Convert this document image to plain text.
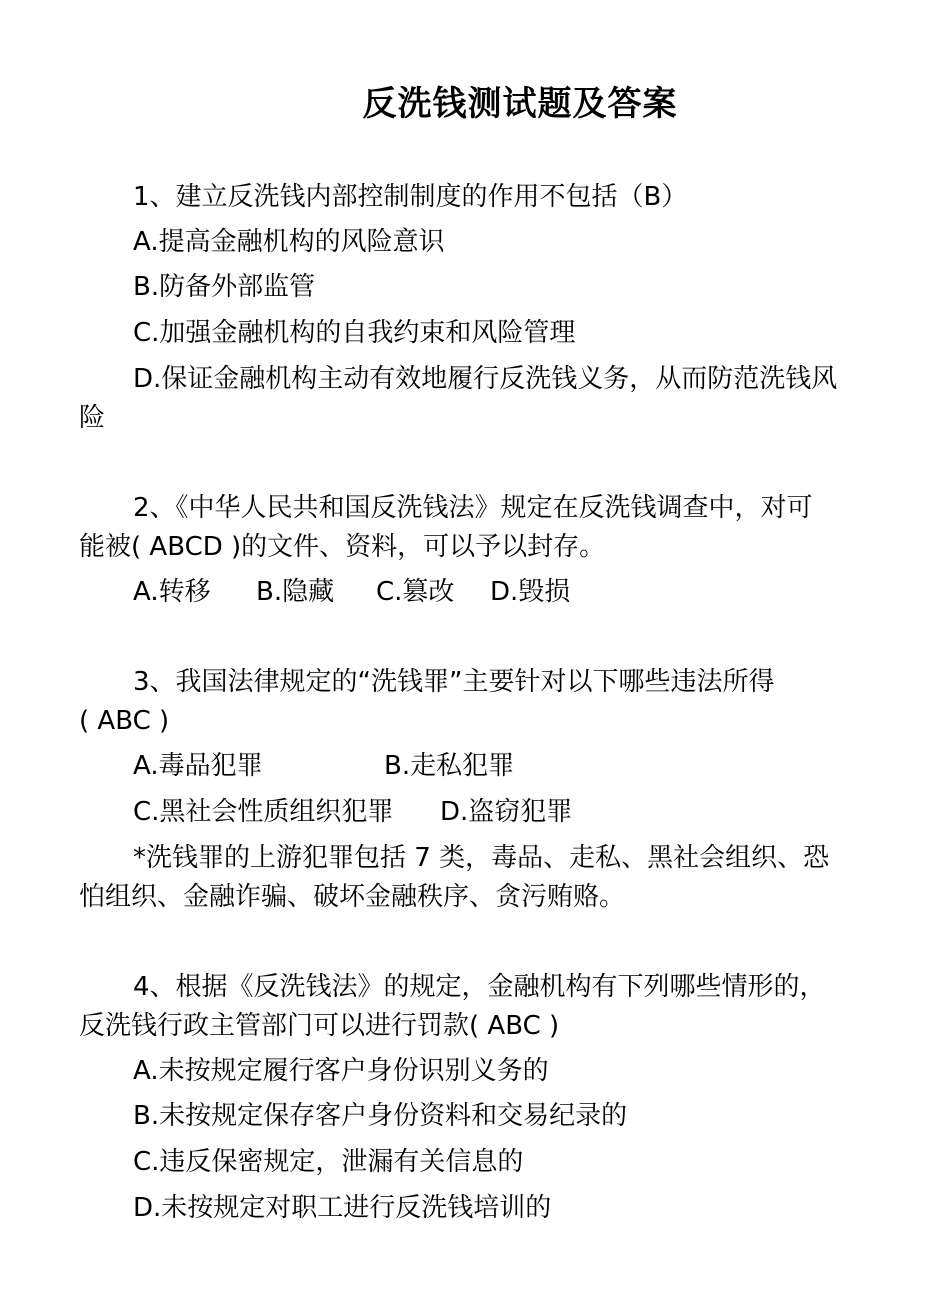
反洗钱测试题及答案

1、建立反洗钱内部控制制度的作用不包括（B）

A.提高金融机构的风险意识

B.防备外部监管

C.加强金融机构的自我约束和风险管理

D.保证金融机构主动有效地履行反洗钱义务，从而防范洗钱风

险

2、《中华人民共和国反洗钱法》规定在反洗钱调查中，对可

能被( ABCD )的文件、资料，可以予以封存。

A.转移 B.隐藏 C.篡改 D.毁损

3、我国法律规定的“洗钱罪”主要针对以下哪些违法所得

( ABC )

A.毒品犯罪	B.走私犯罪
C.黑社会性质组织犯罪 D.盗窃犯罪

*洗钱罪的上游犯罪包括 7 类，毒品、走私、黑社会组织、恐

怕组织、金融诈骗、破坏金融秩序、贪污贿赂。

4、根据《反洗钱法》的规定，金融机构有下列哪些情形的，

反洗钱行政主管部门可以进行罚款( ABC )

A.未按规定履行客户身份识别义务的

B.未按规定保存客户身份资料和交易纪录的

C.违反保密规定，泄漏有关信息的

D.未按规定对职工进行反洗钱培训的
